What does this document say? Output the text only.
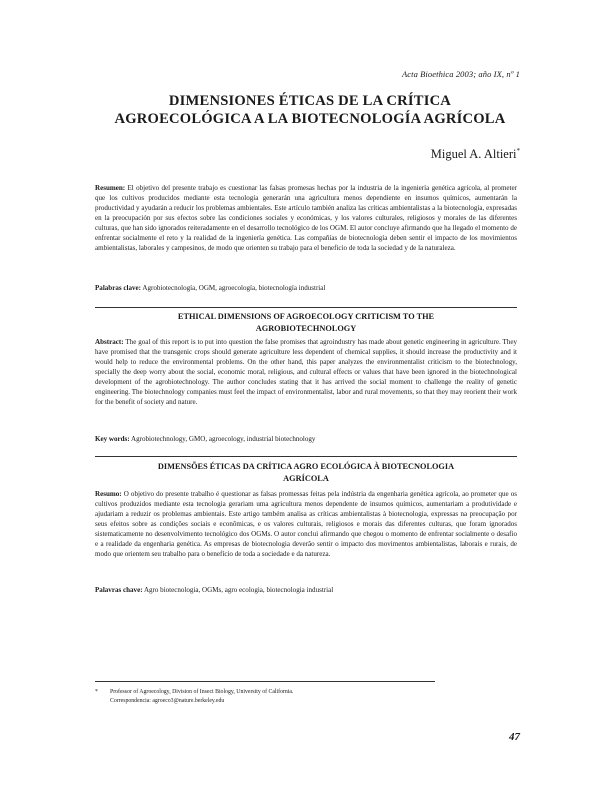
Acta Bioethica 2003; año IX, nº 1
DIMENSIONES ÉTICAS DE LA CRÍTICA
AGROECOLÓGICA A LA BIOTECNOLOGÍA AGRÍCOLA
Miguel A. Altieri*
Resumen: El objetivo del presente trabajo es cuestionar las falsas promesas hechas por la industria de la ingeniería genética agrícola, al prometer que los cultivos producidos mediante esta tecnología generarán una agricultura menos dependiente en insumos químicos, aumentarán la productividad y ayudarán a reducir los problemas ambientales. Este artículo también analiza las críticas ambientalistas a la biotecnología, expresadas en la preocupación por sus efectos sobre las condiciones sociales y económicas, y los valores culturales, religiosos y morales de las diferentes culturas, que han sido ignorados reiteradamente en el desarrollo tecnológico de los OGM. El autor concluye afirmando que ha llegado el momento de enfrentar socialmente el reto y la realidad de la ingeniería genética. Las compañías de biotecnología deben sentir el impacto de los movimientos ambientalistas, laborales y campesinos, de modo que orienten su trabajo para el beneficio de toda la sociedad y de la naturaleza.
Palabras clave: Agrobiotecnología, OGM, agroecología, biotecnología industrial
ETHICAL DIMENSIONS OF AGROECOLOGY CRITICISM TO THE
AGROBIOTECHNOLOGY
Abstract: The goal of this report is to put into question the false promises that agroindustry has made about genetic engineering in agriculture. They have promised that the transgenic crops should generate agriculture less dependent of chemical supplies, it should increase the productivity and it would help to reduce the environmental problems. On the other hand, this paper analyzes the environmentalist criticism to the biotechnology, specially the deep worry about the social, economic moral, religious, and cultural effects or values that have been ignored in the biotechnological development of the agrobiotechnology. The author concludes stating that it has arrived the social moment to challenge the reality of genetic engineering. The biotechnology companies must feel the impact of environmentalist, labor and rural movements, so that they may reorient their work for the benefit of society and nature.
Key words: Agrobiotechnology, GMO, agroecology, industrial biotechnology
DIMENSÕES ÉTICAS DA CRÍTICA AGRO ECOLÓGICA À BIOTECNOLOGIA
AGRÍCOLA
Resumo: O objetivo do presente trabalho é questionar as falsas promessas feitas pela indústria da engenharia genética agrícola, ao prometer que os cultivos produzidos mediante esta tecnologia gerariam uma agricultura menos dependente de insumos químicos, aumentariam a produtividade e ajudariam a reduzir os problemas ambientais. Este artigo também analisa as críticas ambientalistas à biotecnologia, expressas na preocupação por seus efeitos sobre as condições sociais e econômicas, e os valores culturais, religiosos e morais das diferentes culturas, que foram ignorados sistematicamente no desenvolvimento tecnológico dos OGMs. O autor conclui afirmando que chegou o momento de enfrentar socialmente o desafio e a realidade da engenharia genética. As empresas de biotecnologia deverão sentir o impacto dos movimentos ambientalistas, laborais e rurais, de modo que orientem seu trabalho para o benefício de toda a sociedade e da natureza.
Palavras chave: Agro biotecnologia, OGMs, agro ecologia, biotecnologia industrial
* Professor of Agroecology, Division of Insect Biology, University of California.
Correspondencia: agroeco3@nature.berkeley.edu
47
